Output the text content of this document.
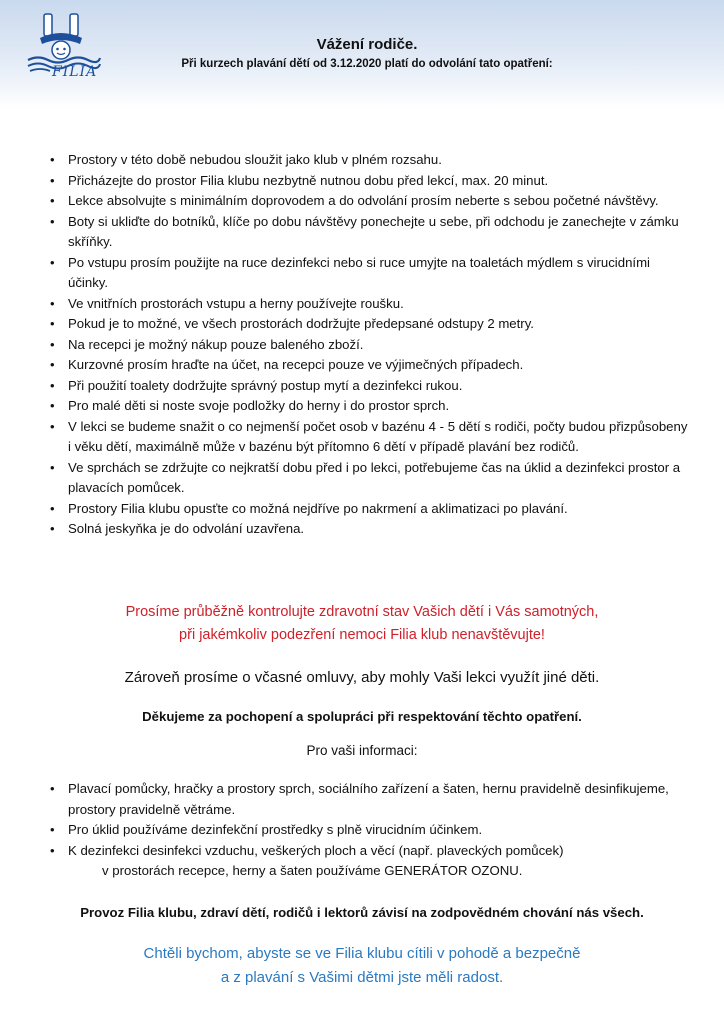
FILIA
Vážení rodiče.
Při kurzech plavání dětí od 3.12.2020 platí do odvolání tato opatření:
• Prostory v této době nebudou sloužit jako klub v plném rozsahu.
• Přicházejte do prostor Filia klubu nezbytně nutnou dobu před lekcí, max. 20 minut.
• Lekce absolvujte s minimálním doprovodem a do odvolání prosím neberte s sebou početné návštěvy.
• Boty si ukliďte do botníků, klíče po dobu návštěvy ponechejte u sebe, při odchodu je zanechejte v zámku skříňky.
• Po vstupu prosím použijte na ruce dezinfekci nebo si ruce umyjte na toaletách mýdlem s virucidními účinky.
• Ve vnitřních prostorách vstupu a herny používejte roušku.
• Pokud je to možné, ve všech prostorách dodržujte předepsané odstupy 2 metry.
• Na recepci je možný nákup pouze baleného zboží.
• Kurzovné prosím hraďte na účet, na recepci pouze ve výjimečných případech.
• Při použití toalety dodržujte správný postup mytí a dezinfekci rukou.
• Pro malé děti si noste svoje podložky do herny i do prostor sprch.
• V lekci se budeme snažit o co nejmenší počet osob v bazénu 4 - 5 dětí s rodiči, počty budou přizpůsobeny i věku dětí, maximálně může v bazénu být přítomno 6 dětí v případě plavání bez rodičů.
• Ve sprchách se zdržujte co nejkratší dobu před i po lekci, potřebujeme čas na úklid a dezinfekci prostor a plavacích pomůcek.
• Prostory Filia klubu opusťte co možná nejdříve po nakrmení a aklimatizaci po plavání.
• Solná jeskyňka je do odvolání uzavřena.
Prosíme průběžně kontrolujte zdravotní stav Vašich dětí i Vás samotných,
při jakémkoliv podezření nemoci Filia klub nenavštěvujte!
Zároveň prosíme o včasné omluvy, aby mohly Vaši lekci využít jiné děti.
Děkujeme za pochopení a spolupráci při respektování těchto opatření.
Pro vaši informaci:
• Plavací pomůcky, hračky a prostory sprch, sociálního zařízení a šaten, hernu pravidelně desinfikujeme, prostory pravidelně větráme.
• Pro úklid používáme dezinfekční prostředky s plně virucidním účinkem.
• K dezinfekci desinfekci vzduchu, veškerých ploch a věcí (např. plaveckých pomůcek)
v prostorách recepce, herny a šaten používáme GENERÁTOR OZONU.
Provoz Filia klubu, zdraví dětí, rodičů i lektorů závisí na zodpovědném chování nás všech.
Chtěli bychom, abyste se ve Filia klubu cítili v pohodě a bezpečně
a z plavání s Vašimi dětmi jste měli radost.
